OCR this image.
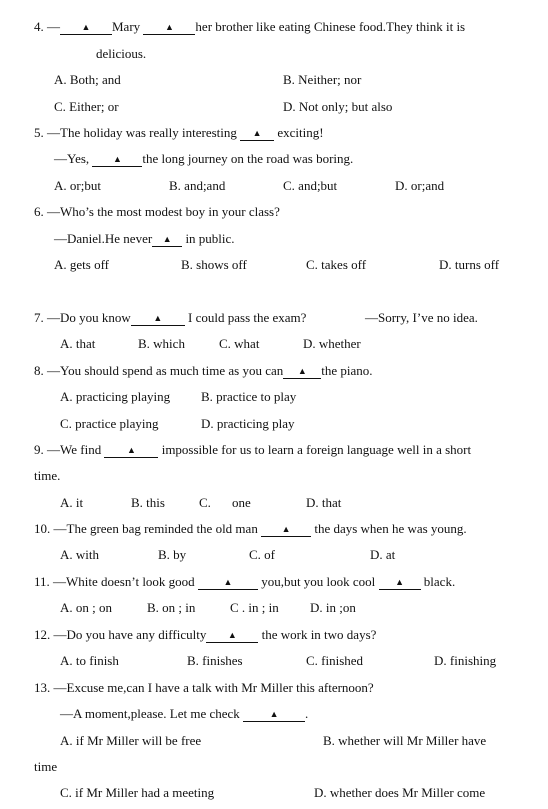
4. — ▲ Mary	▲ her brother like eating Chinese food.They think it is
delicious.
A. Both; and	B. Neither; nor
C. Either; or	D. Not only; but also
5. —The holiday was really interesting ▲ exciting!
—Yes,	▲ the long journey on the road was boring.
A. or;but	B. and;and	C. and;but	D. or;and
6. —Who’s the most modest boy in your class?
—Daniel.He never ▲ in public.
A. gets off	B. shows off	C. takes off	D. turns off
7. —Do you know	▲ I could pass the exam?	—Sorry, I’ve no idea.
A. that	B. which	C. what	D. whether
8. —You should spend as much time as you can ▲ the piano.
A. practicing playing B. practice to play
C. practice playing	D. practicing play
9. —We find	▲ impossible for us to learn a foreign language well in a short
time.
A. it	B. this	C. one	D. that
10. —The green bag reminded the old man	▲ the days when he was young.
A. with	B. by	C. of	D. at
11. —White doesn’t look good	▲ you,but you look cool ▲ black.
A. on ; on	B. on ; in	C . in ; in D. in ;on
12. —Do you have any difficulty ▲ the work in two days?
A. to finish	B. finishes	C. finished	D. finishing
13. —Excuse me,can I have a talk with Mr Miller this afternoon?
—A moment,please. Let me check	▲ .
A. if Mr Miller will be free	B. whether will Mr Miller have
time
C. if Mr Miller had a meeting	D. whether does Mr Miller come
